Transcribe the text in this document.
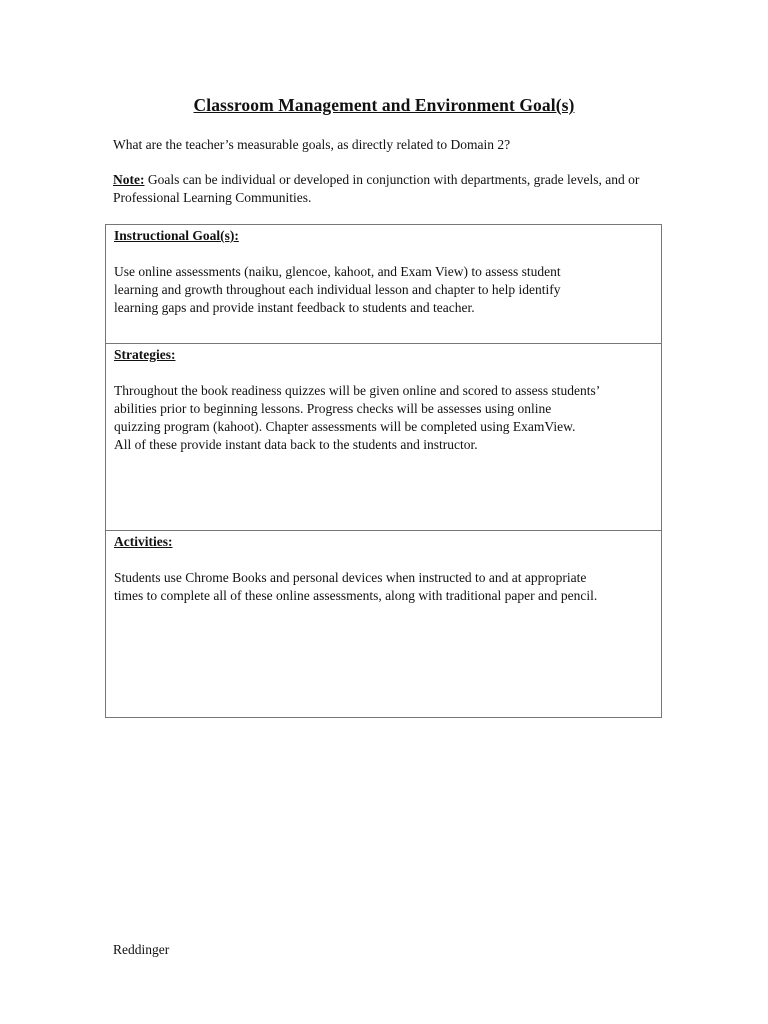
Classroom Management and Environment Goal(s)
What are the teacher’s measurable goals, as directly related to Domain 2?
Note: Goals can be individual or developed in conjunction with departments, grade levels, and or Professional Learning Communities.

Instructional Goal(s):

Use online assessments (naiku, glencoe, kahoot, and Exam View) to assess student
learning and growth throughout each individual lesson and chapter to help identify
learning gaps and provide instant feedback to students and teacher.

Strategies:

Throughout the book readiness quizzes will be given online and scored to assess students’
abilities prior to beginning lessons. Progress checks will be assesses using online
quizzing program (kahoot). Chapter assessments will be completed using ExamView.
All of these provide instant data back to the students and instructor.

Activities:

Students use Chrome Books and personal devices when instructed to and at appropriate
times to complete all of these online assessments, along with traditional paper and pencil.

Reddinger
